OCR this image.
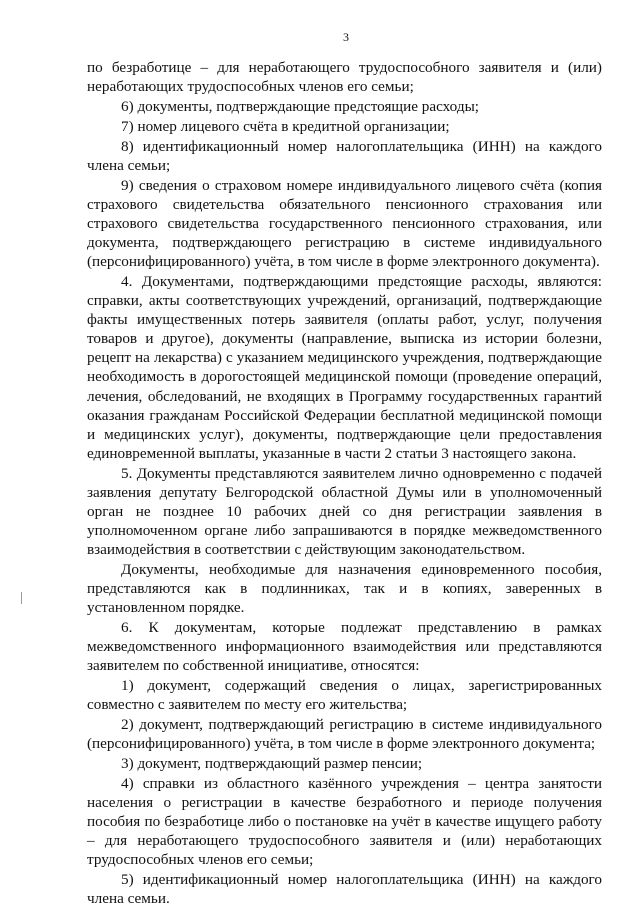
3

по безработице – для неработающего трудоспособного заявителя и (или) неработающих трудоспособных членов его семьи;

6) документы, подтверждающие предстоящие расходы;

7) номер лицевого счёта в кредитной организации;

8) идентификационный номер налогоплательщика (ИНН) на каждого члена семьи;

9) сведения о страховом номере индивидуального лицевого счёта (копия страхового свидетельства обязательного пенсионного страхования или страхового свидетельства государственного пенсионного страхования, или документа, подтверждающего регистрацию в системе индивидуального (персонифицированного) учёта, в том числе в форме электронного документа).

4. Документами, подтверждающими предстоящие расходы, являются: справки, акты соответствующих учреждений, организаций, подтверждающие факты имущественных потерь заявителя (оплаты работ, услуг, получения товаров и другое), документы (направление, выписка из истории болезни, рецепт на лекарства) с указанием медицинского учреждения, подтверждающие необходимость в дорогостоящей медицинской помощи (проведение операций, лечения, обследований, не входящих в Программу государственных гарантий оказания гражданам Российской Федерации бесплатной медицинской помощи и медицинских услуг), документы, подтверждающие цели предоставления единовременной выплаты, указанные в части 2 статьи 3 настоящего закона.

5. Документы представляются заявителем лично одновременно с подачей заявления депутату Белгородской областной Думы или в уполномоченный орган не позднее 10 рабочих дней со дня регистрации заявления в уполномоченном органе либо запрашиваются в порядке межведомственного взаимодействия в соответствии с действующим законодательством.

Документы, необходимые для назначения единовременного пособия, представляются как в подлинниках, так и в копиях, заверенных в установленном порядке.

6. К документам, которые подлежат представлению в рамках межведомственного информационного взаимодействия или представляются заявителем по собственной инициативе, относятся:

1) документ, содержащий сведения о лицах, зарегистрированных совместно с заявителем по месту его жительства;

2) документ, подтверждающий регистрацию в системе индивидуального (персонифицированного) учёта, в том числе в форме электронного документа;

3) документ, подтверждающий размер пенсии;

4) справки из областного казённого учреждения – центра занятости населения о регистрации в качестве безработного и периоде получения пособия по безработице либо о постановке на учёт в качестве ищущего работу – для неработающего трудоспособного заявителя и (или) неработающих трудоспособных членов его семьи;

5) идентификационный номер налогоплательщика (ИНН) на каждого члена семьи.
